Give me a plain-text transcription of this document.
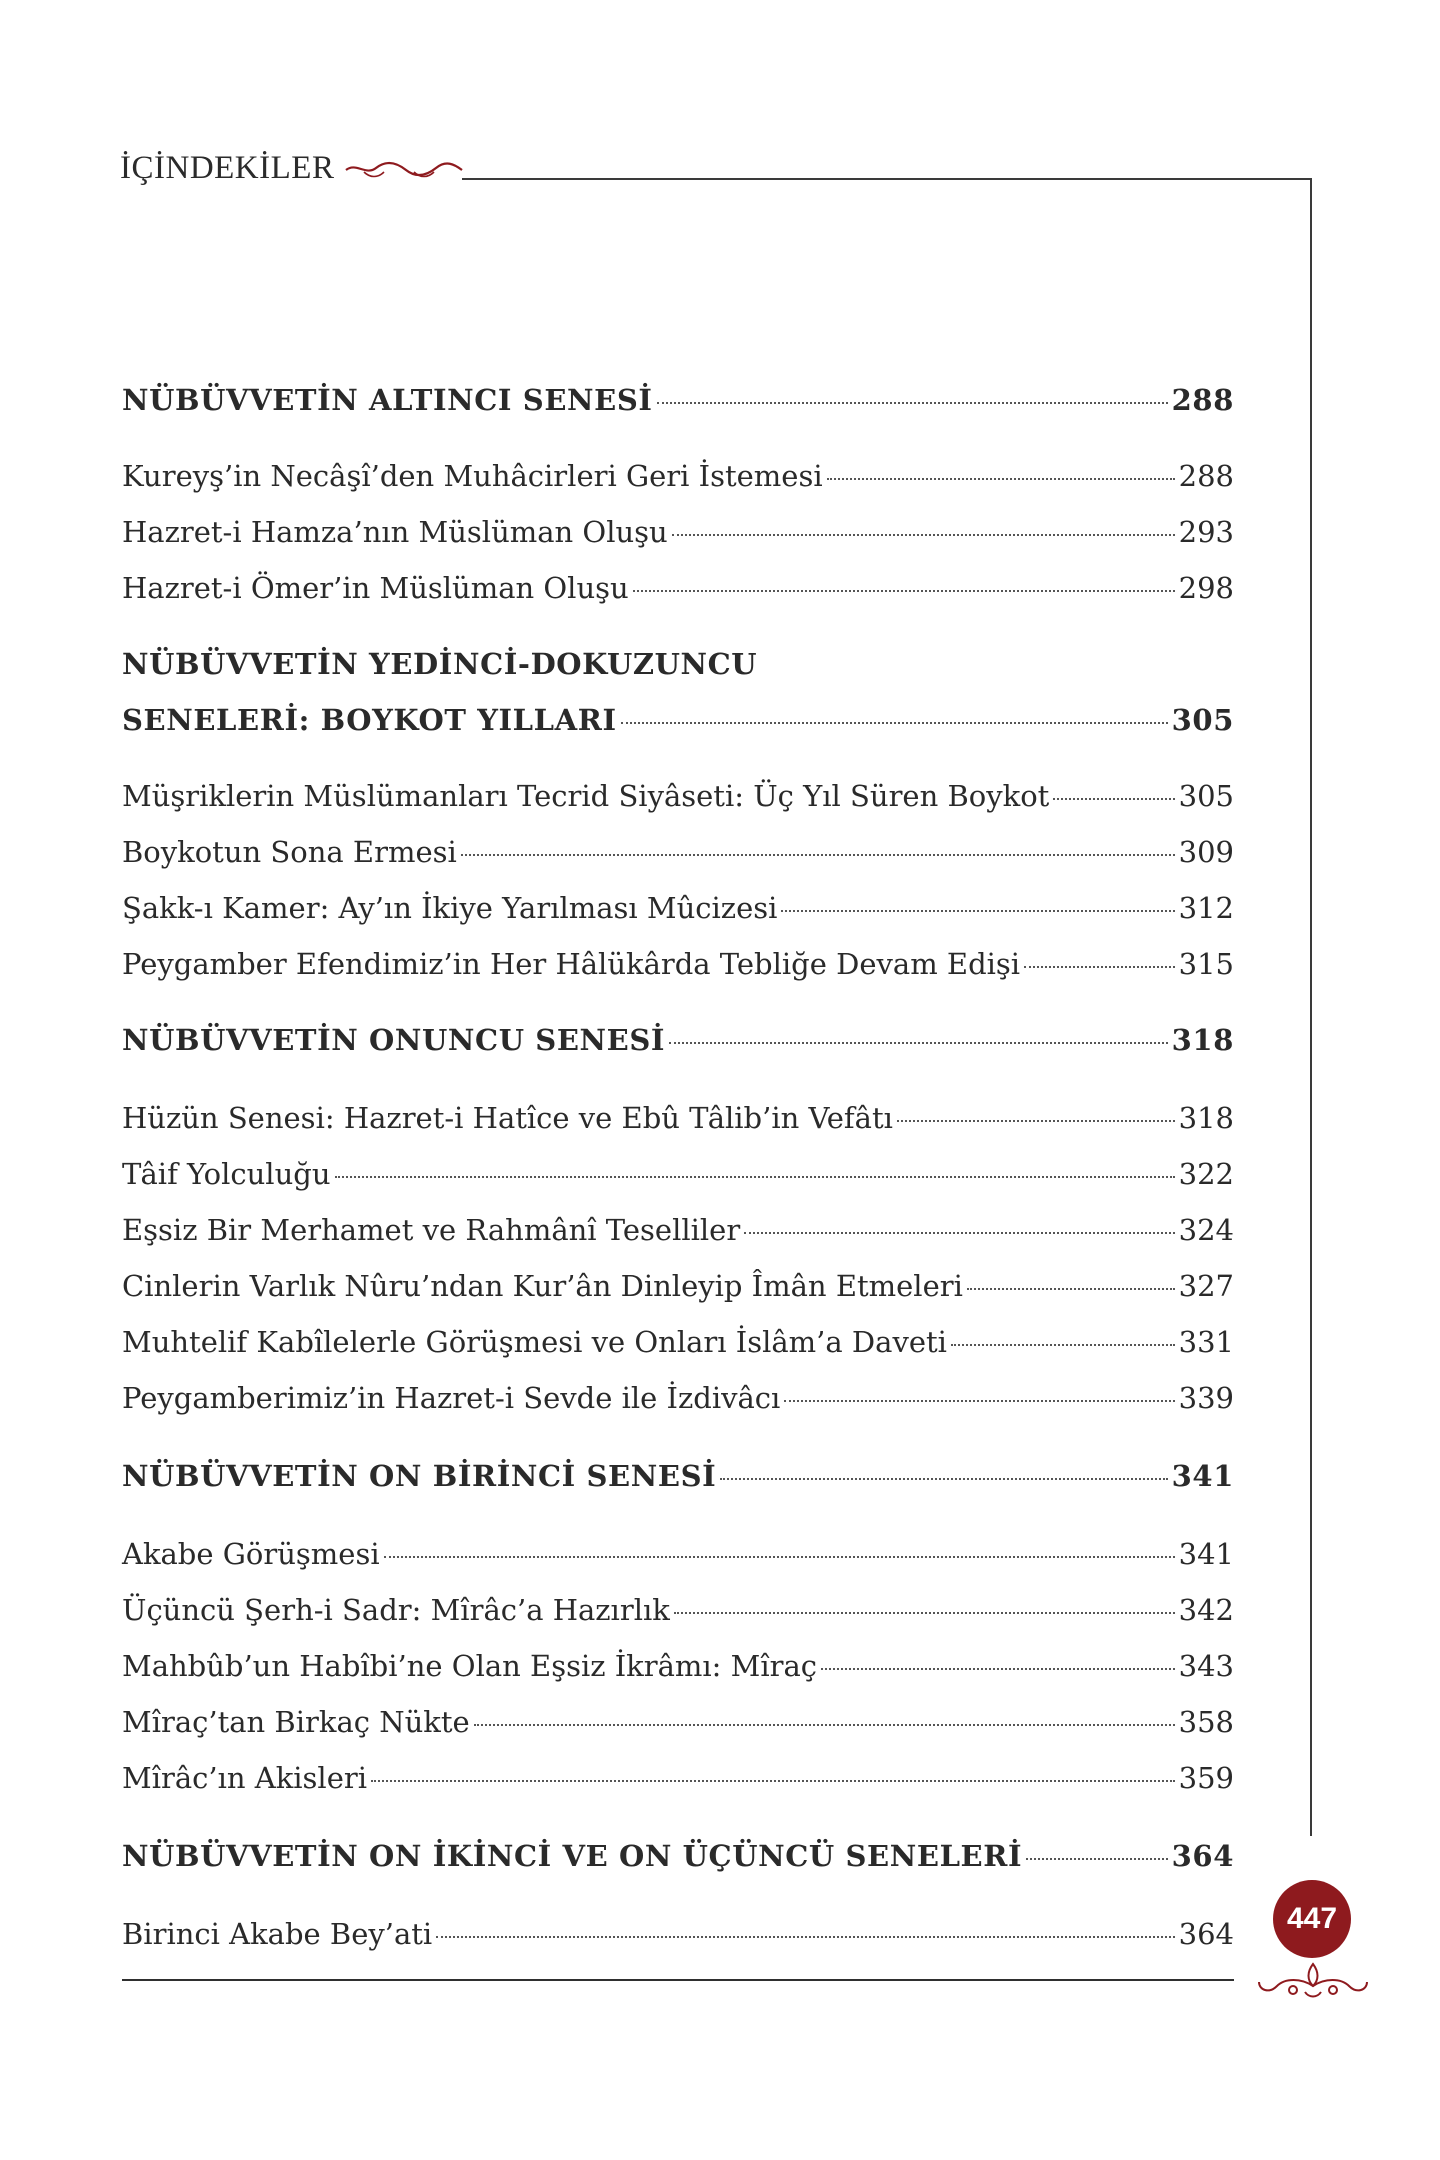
İÇİNDEKİLER
NÜBÜVVETİN ALTINCI SENESİ	288
Kureyş’in Necâşî’den Muhâcirleri Geri İstemesi	288
Hazret-i Hamza’nın Müslüman Oluşu	293
Hazret-i Ömer’in Müslüman Oluşu	298
NÜBÜVVETİN YEDİNCİ-DOKUZUNCU
SENELERİ: BOYKOT YILLARI	305
Müşriklerin Müslümanları Tecrid Siyâseti: Üç Yıl Süren Boykot	305
Boykotun Sona Ermesi	309
Şakk-ı Kamer: Ay’ın İkiye Yarılması Mûcizesi	312
Peygamber Efendimiz’in Her Hâlükârda Tebliğe Devam Edişi	315
NÜBÜVVETİN ONUNCU SENESİ	318
Hüzün Senesi: Hazret-i Hatîce ve Ebû Tâlib’in Vefâtı	318
Tâif Yolculuğu	322
Eşsiz Bir Merhamet ve Rahmânî Teselliler	324
Cinlerin Varlık Nûru’ndan Kur’ân Dinleyip Îmân Etmeleri	327
Muhtelif Kabîlelerle Görüşmesi ve Onları İslâm’a Daveti	331
Peygamberimiz’in Hazret-i Sevde ile İzdivâcı	339
NÜBÜVVETİN ON BİRİNCİ SENESİ	341
Akabe Görüşmesi	341
Üçüncü Şerh-i Sadr: Mîrâc’a Hazırlık	342
Mahbûb’un Habîbi’ne Olan Eşsiz İkrâmı: Mîraç	343
Mîraç’tan Birkaç Nükte	358
Mîrâc’ın Akisleri	359
NÜBÜVVETİN ON İKİNCİ VE ON ÜÇÜNCÜ SENELERİ	364
Birinci Akabe Bey’ati	364	447
